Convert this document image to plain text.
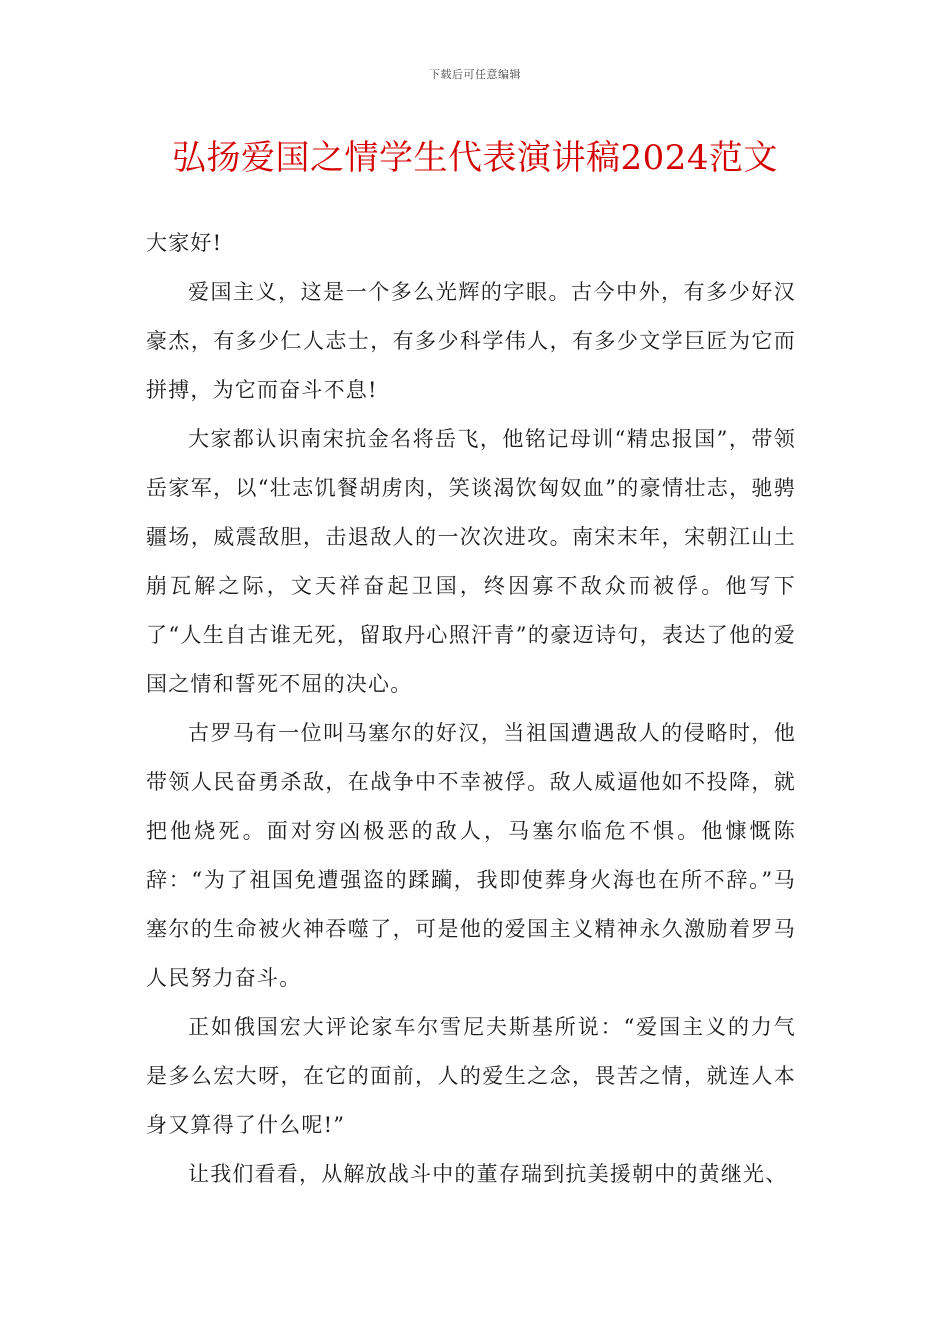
下载后可任意编辑
弘扬爱国之情学生代表演讲稿2024范文

大家好!

爱国主义，这是一个多么光辉的字眼。古今中外，有多少好汉豪杰，有多少仁人志士，有多少科学伟人，有多少文学巨匠为它而拼搏，为它而奋斗不息!

大家都认识南宋抗金名将岳飞，他铭记母训“精忠报国”，带领岳家军，以“壮志饥餐胡虏肉，笑谈渴饮匈奴血”的豪情壮志，驰骋疆场，威震敌胆，击退敌人的一次次进攻。南宋末年，宋朝江山土崩瓦解之际，文天祥奋起卫国，终因寡不敌众而被俘。他写下了“人生自古谁无死，留取丹心照汗青”的豪迈诗句，表达了他的爱国之情和誓死不屈的决心。

古罗马有一位叫马塞尔的好汉，当祖国遭遇敌人的侵略时，他带领人民奋勇杀敌，在战争中不幸被俘。敌人威逼他如不投降，就把他烧死。面对穷凶极恶的敌人，马塞尔临危不惧。他慷慨陈辞：“为了祖国免遭强盗的蹂躏，我即使葬身火海也在所不辞。”马塞尔的生命被火神吞噬了，可是他的爱国主义精神永久激励着罗马人民努力奋斗。

正如俄国宏大评论家车尔雪尼夫斯基所说：“爱国主义的力气是多么宏大呀，在它的面前，人的爱生之念，畏苦之情，就连人本身又算得了什么呢!”

让我们看看，从解放战斗中的董存瑞到抗美援朝中的黄继光、
